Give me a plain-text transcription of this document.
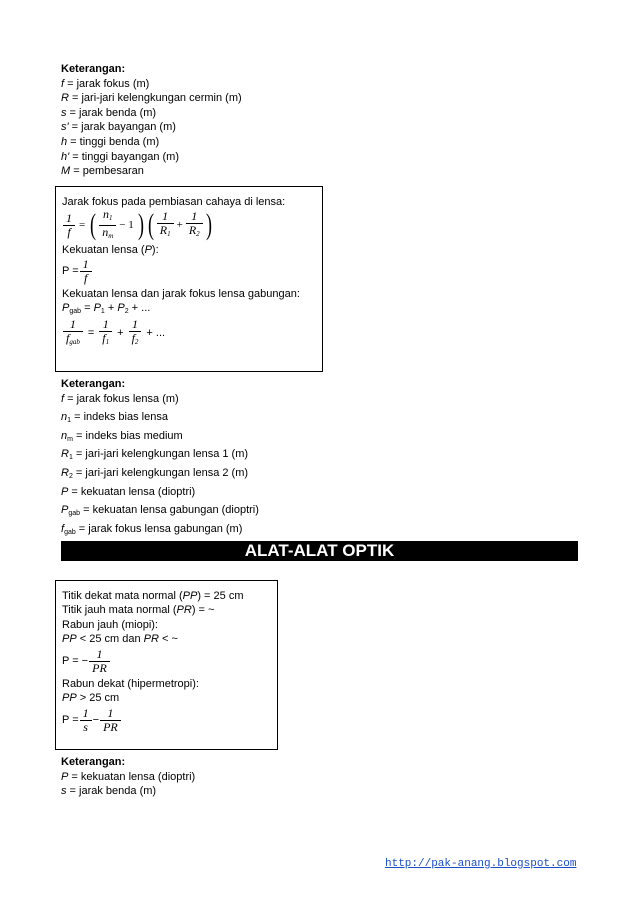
Keterangan:
f = jarak fokus (m)
R = jari-jari kelengkungan cermin (m)
s = jarak benda (m)
s' = jarak bayangan (m)
h = tinggi benda (m)
h' = tinggi bayangan (m)
M = pembesaran
Jarak fokus pada pembiasan cahaya di lensa:
$\frac{1}{f}$ = ( $\frac{n_1}{n_m} - 1$ ) ( $\frac{1}{R_1} + \frac{1}{R_2}$ )
Kekuatan lensa (P):
$P = \frac{1}{f}$
Kekuatan lensa dan jarak fokus lensa gabungan:
$P_{gab} = P_1 + P_2$ + ...
$\frac{1}{f_{gab}} = \frac{1}{f_1} + \frac{1}{f_2}$ + ...
Keterangan:
f = jarak fokus lensa (m)
$n_1$ = indeks bias lensa
$n_m$ = indeks bias medium
$R_1$ = jari-jari kelengkungan lensa 1 (m)
$R_2$ = jari-jari kelengkungan lensa 2 (m)
P = kekuatan lensa (dioptri)
$P_{gab}$ = kekuatan lensa gabungan (dioptri)
$f_{gab}$ = jarak fokus lensa gabungan (m)
ALAT-ALAT OPTIK
Titik dekat mata normal (PP) = 25 cm
Titik jauh mata normal (PR) = ~
Rabun jauh (miopi):
PP < 25 cm dan PR < ~
P = − $\frac{1}{PR}$
Rabun dekat (hipermetropi):
PP > 25 cm
$P = \frac{1}{s} - \frac{1}{PR}$
Keterangan:
P = kekuatan lensa (dioptri)
s = jarak benda (m)
http://pak-anang.blogspot.com
